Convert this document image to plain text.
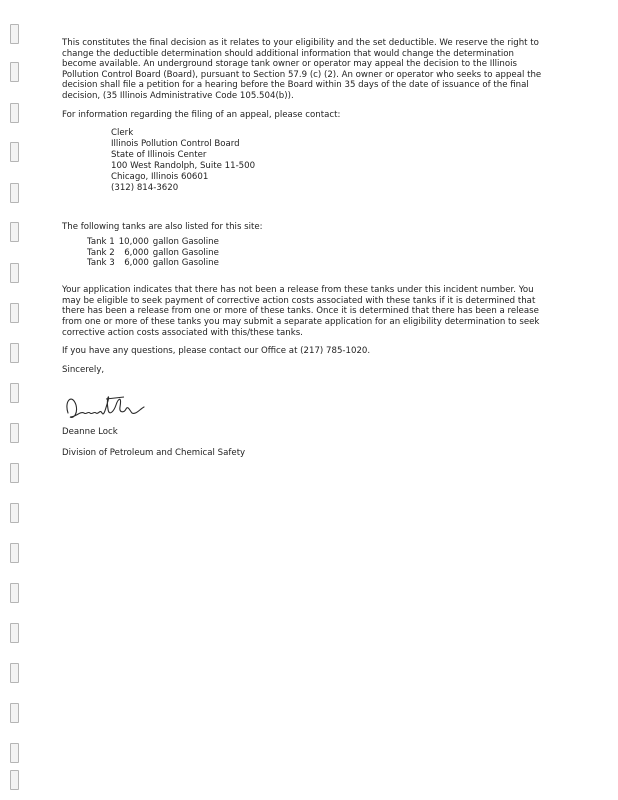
This constitutes the final decision as it relates to your eligibility and the set deductible. We reserve the right to change the deductible determination should additional information that would change the determination become available. An underground storage tank owner or operator may appeal the decision to the Illinois Pollution Control Board (Board), pursuant to Section 57.9 (c) (2). An owner or operator who seeks to appeal the decision shall file a petition for a hearing before the Board within 35 days of the date of issuance of the final decision, (35 Illinois Administrative Code 105.504(b)).

For information regarding the filing of an appeal, please contact:

Clerk
Illinois Pollution Control Board
State of Illinois Center
100 West Randolph, Suite 11-500
Chicago, Illinois 60601
(312) 814-3620

The following tanks are also listed for this site:

Tank 1	10,000	gallon Gasoline
Tank 2	6,000	gallon Gasoline
Tank 3	6,000	gallon Gasoline

Your application indicates that there has not been a release from these tanks under this incident number. You may be eligible to seek payment of corrective action costs associated with these tanks if it is determined that there has been a release from one or more of these tanks. Once it is determined that there has been a release from one or more of these tanks you may submit a separate application for an eligibility determination to seek corrective action costs associated with this/these tanks.

If you have any questions, please contact our Office at (217) 785-1020.

Sincerely,

Deanne Lock

Division of Petroleum and Chemical Safety
